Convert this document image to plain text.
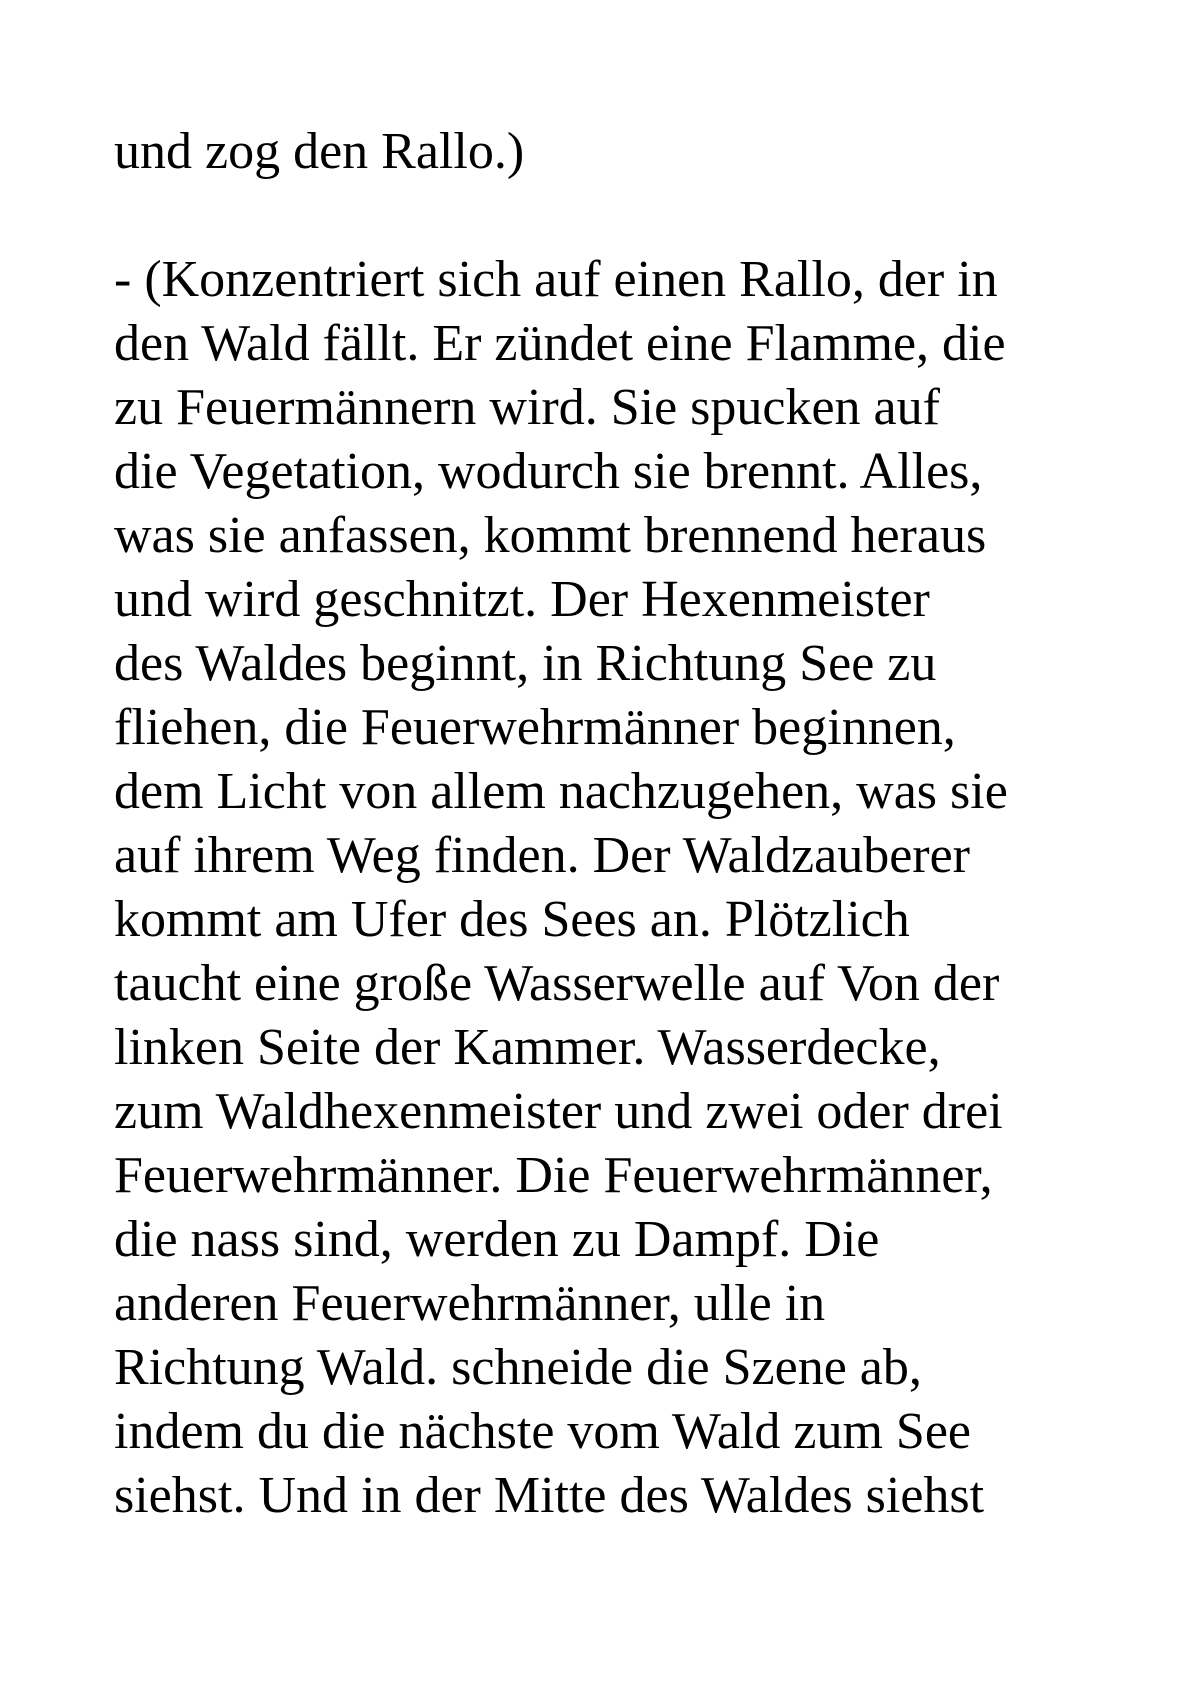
und zog den Rallo.)

- (Konzentriert sich auf einen Rallo, der in

den Wald fällt. Er zündet eine Flamme, die

zu Feuermännern wird. Sie spucken auf

die Vegetation, wodurch sie brennt. Alles,

was sie anfassen, kommt brennend heraus

und wird geschnitzt. Der Hexenmeister

des Waldes beginnt, in Richtung See zu

fliehen, die Feuerwehrmänner beginnen,

dem Licht von allem nachzugehen, was sie

auf ihrem Weg finden. Der Waldzauberer

kommt am Ufer des Sees an. Plötzlich

taucht eine große Wasserwelle auf Von der

linken Seite der Kammer. Wasserdecke,

zum Waldhexenmeister und zwei oder drei

Feuerwehrmänner. Die Feuerwehrmänner,

die nass sind, werden zu Dampf. Die

anderen Feuerwehrmänner, ulle in

Richtung Wald. schneide die Szene ab,

indem du die nächste vom Wald zum See

siehst. Und in der Mitte des Waldes siehst
